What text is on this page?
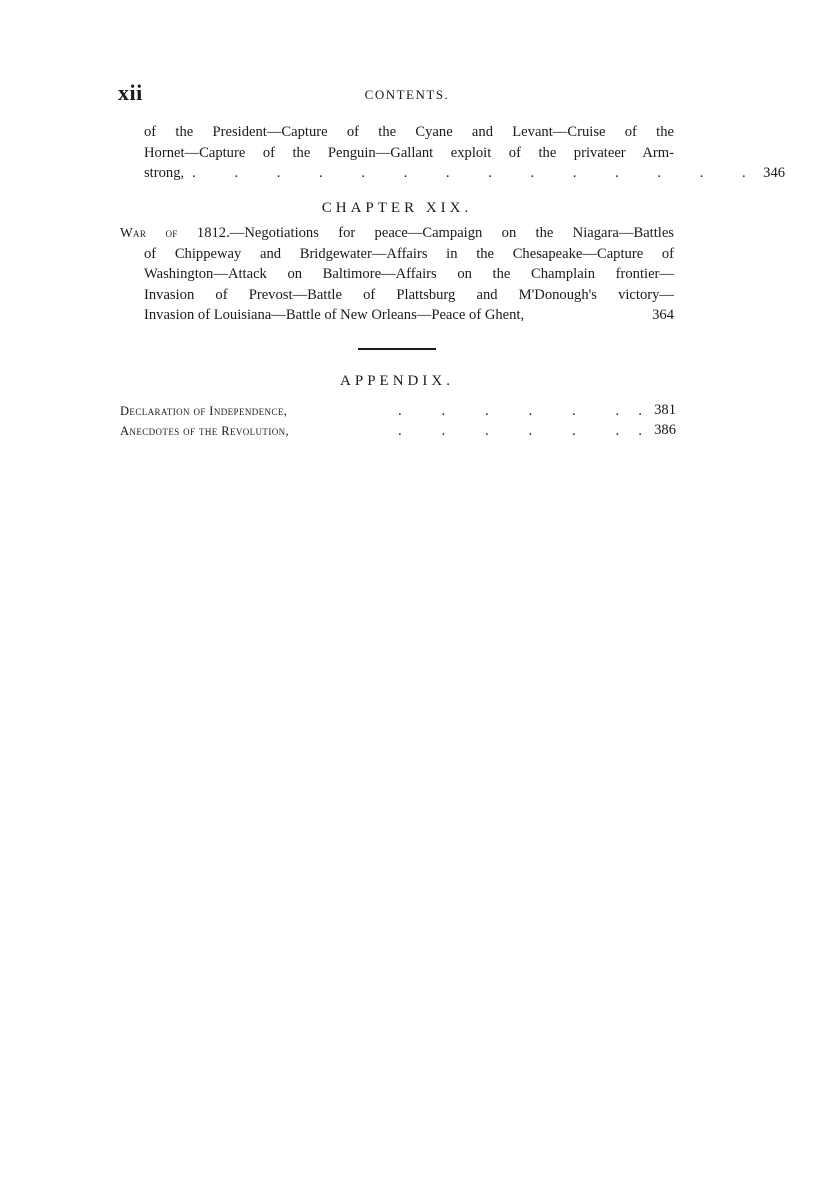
xii	CONTENTS.
of the President—Capture of the Cyane and Levant—Cruise of the
Hornet—Capture of the Penguin—Gallant exploit of the privateer Arm-
strong, . . . . . . . . . . . . . . 346
CHAPTER XIX.
War of 1812.—Negotiations for peace—Campaign on the Niagara—Battles
of Chippeway and Bridgewater—Affairs in the Chesapeake—Capture of
Washington—Attack on Baltimore—Affairs on the Champlain frontier—
Invasion of Prevost—Battle of Plattsburg and M'Donough's victory—
Invasion of Louisiana—Battle of New Orleans—Peace of Ghent,	364
APPENDIX.
Declaration of Independence,	. . . . . . . 381
Anecdotes of the Revolution,	. . . . . . . 386
